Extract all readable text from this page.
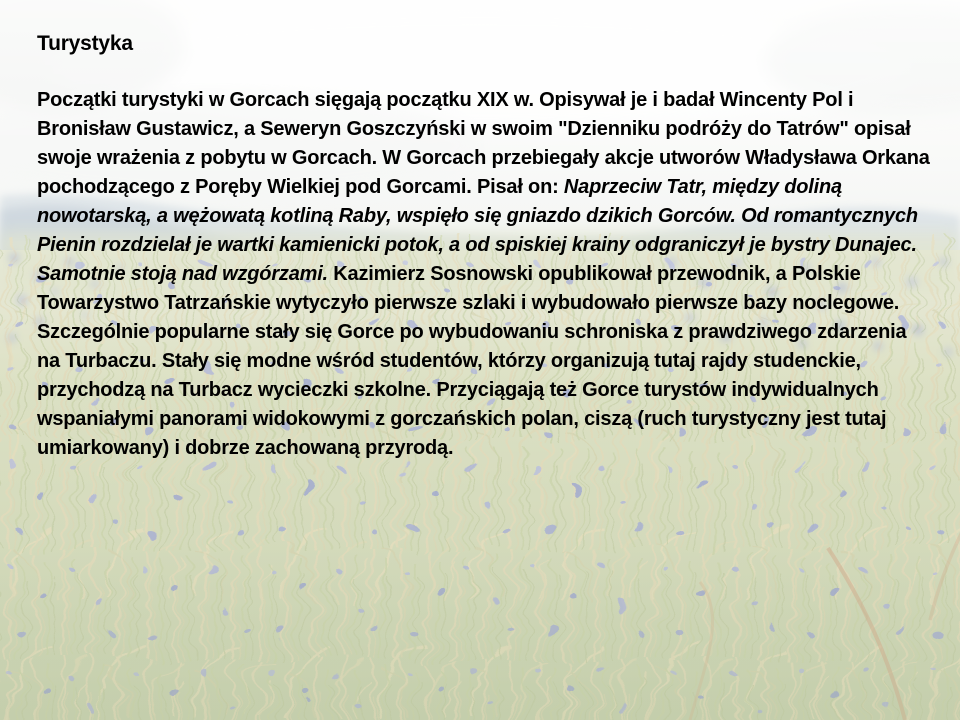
Turystyka
Początki turystyki w Gorcach sięgają początku XIX w. Opisywał je i badał Wincenty Pol i Bronisław Gustawicz, a Seweryn Goszczyński w swoim "Dzienniku podróży do Tatrów" opisał swoje wrażenia z pobytu w Gorcach. W Gorcach przebiegały akcje utworów Władysława Orkana pochodzącego z Poręby Wielkiej pod Gorcami. Pisał on: Naprzeciw Tatr, między doliną nowotarską, a wężowatą kotliną Raby, wspięło się gniazdo dzikich Gorców. Od romantycznych Pienin rozdzielał je wartki kamienicki potok, a od spiskiej krainy odgraniczył je bystry Dunajec. Samotnie stoją nad wzgórzami. Kazimierz Sosnowski opublikował przewodnik, a Polskie Towarzystwo Tatrzańskie wytyczyło pierwsze szlaki i wybudowało pierwsze bazy noclegowe. Szczególnie popularne stały się Gorce po wybudowaniu schroniska z prawdziwego zdarzenia na Turbaczu. Stały się modne wśród studentów, którzy organizują tutaj rajdy studenckie, przychodzą na Turbacz wycieczki szkolne. Przyciągają też Gorce turystów indywidualnych wspaniałymi panorami widokowymi z gorczańskich polan, ciszą (ruch turystyczny jest tutaj umiarkowany) i dobrze zachowaną przyrodą.
